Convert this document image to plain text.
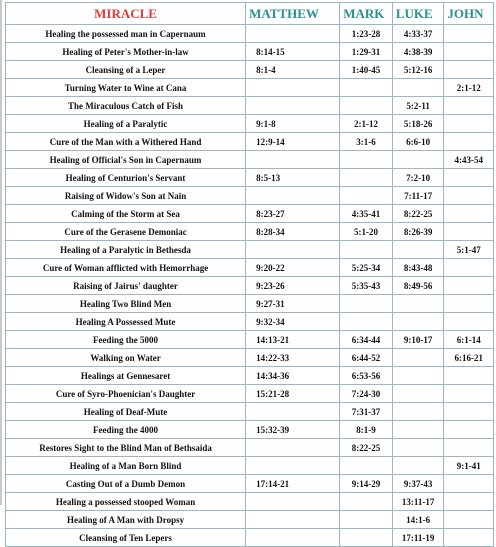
MIRACLE	MATTHEW	MARK	LUKE	JOHN
Healing the possessed man in Capernaum		1:23-28	4:33-37	
Healing of Peter's Mother-in-law	8:14-15	1:29-31	4:38-39	
Cleansing of a Leper	8:1-4	1:40-45	5:12-16	
Turning Water to Wine at Cana				2:1-12
The Miraculous Catch of Fish			5:2-11	
Healing of a Paralytic	9:1-8	2:1-12	5:18-26	
Cure of the Man with a Withered Hand	12:9-14	3:1-6	6:6-10	
Healing of Official's Son in Capernaum				4:43-54
Healing of Centurion's Servant	8:5-13		7:2-10	
Raising of Widow's Son at Nain			7:11-17	
Calming of the Storm at Sea	8:23-27	4:35-41	8:22-25	
Cure of the Gerasene Demoniac	8:28-34	5:1-20	8:26-39	
Healing of a Paralytic in Bethesda				5:1-47
Cure of Woman afflicted with Hemorrhage	9:20-22	5:25-34	8:43-48	
Raising of Jairus' daughter	9:23-26	5:35-43	8:49-56	
Healing Two Blind Men	9:27-31			
Healing A Possessed Mute	9:32-34			
Feeding the 5000	14:13-21	6:34-44	9:10-17	6:1-14
Walking on Water	14:22-33	6:44-52		6:16-21
Healings at Gennesaret	14:34-36	6:53-56		
Cure of Syro-Phoenician's Daughter	15:21-28	7:24-30		
Healing of Deaf-Mute		7:31-37		
Feeding the 4000	15:32-39	8:1-9		
Restores Sight to the Blind Man of Bethsaida		8:22-25		
Healing of a Man Born Blind				9:1-41
Casting Out of a Dumb Demon	17:14-21	9:14-29	9:37-43	
Healing a possessed stooped Woman			13:11-17	
Healing of A Man with Dropsy			14:1-6	
Cleansing of Ten Lepers			17:11-19	
